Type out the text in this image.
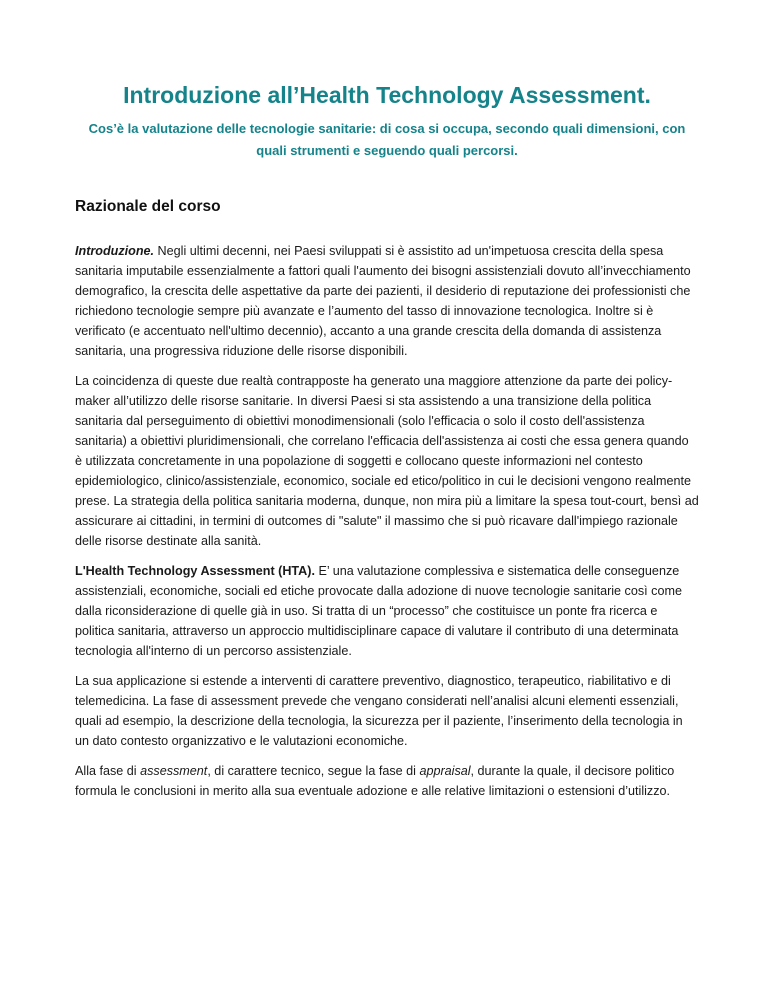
Introduzione all’Health Technology Assessment.

Cos’è la valutazione delle tecnologie sanitarie: di cosa si occupa, secondo quali dimensioni, con quali strumenti e seguendo quali percorsi.

Razionale del corso

Introduzione. Negli ultimi decenni, nei Paesi sviluppati si è assistito ad un'impetuosa crescita della spesa sanitaria imputabile essenzialmente a fattori quali l'aumento dei bisogni assistenziali dovuto all’invecchiamento demografico, la crescita delle aspettative da parte dei pazienti, il desiderio di reputazione dei professionisti che richiedono tecnologie sempre più avanzate e l’aumento del tasso di innovazione tecnologica. Inoltre si è verificato (e accentuato nell'ultimo decennio), accanto a una grande crescita della domanda di assistenza sanitaria, una progressiva riduzione delle risorse disponibili.

La coincidenza di queste due realtà contrapposte ha generato una maggiore attenzione da parte dei policy-maker all’utilizzo delle risorse sanitarie. In diversi Paesi si sta assistendo a una transizione della politica sanitaria dal perseguimento di obiettivi monodimensionali (solo l'efficacia o solo il costo dell'assistenza sanitaria) a obiettivi pluridimensionali, che correlano l'efficacia dell'assistenza ai costi che essa genera quando è utilizzata concretamente in una popolazione di soggetti e collocano queste informazioni nel contesto epidemiologico, clinico/assistenziale, economico, sociale ed etico/politico in cui le decisioni vengono realmente prese. La strategia della politica sanitaria moderna, dunque, non mira più a limitare la spesa tout-court, bensì ad assicurare ai cittadini, in termini di outcomes di "salute" il massimo che si può ricavare dall'impiego razionale delle risorse destinate alla sanità.

L'Health Technology Assessment (HTA). E’ una valutazione complessiva e sistematica delle conseguenze assistenziali, economiche, sociali ed etiche provocate dalla adozione di nuove tecnologie sanitarie così come dalla riconsiderazione di quelle già in uso. Si tratta di un “processo” che costituisce un ponte fra ricerca e politica sanitaria, attraverso un approccio multidisciplinare capace di valutare il contributo di una determinata tecnologia all'interno di un percorso assistenziale.

La sua applicazione si estende a interventi di carattere preventivo, diagnostico, terapeutico, riabilitativo e di telemedicina. La fase di assessment prevede che vengano considerati nell’analisi alcuni elementi essenziali, quali ad esempio, la descrizione della tecnologia, la sicurezza per il paziente, l’inserimento della tecnologia in un dato contesto organizzativo e le valutazioni economiche.

Alla fase di assessment, di carattere tecnico, segue la fase di appraisal, durante la quale, il decisore politico formula le conclusioni in merito alla sua eventuale adozione e alle relative limitazioni o estensioni d’utilizzo.
